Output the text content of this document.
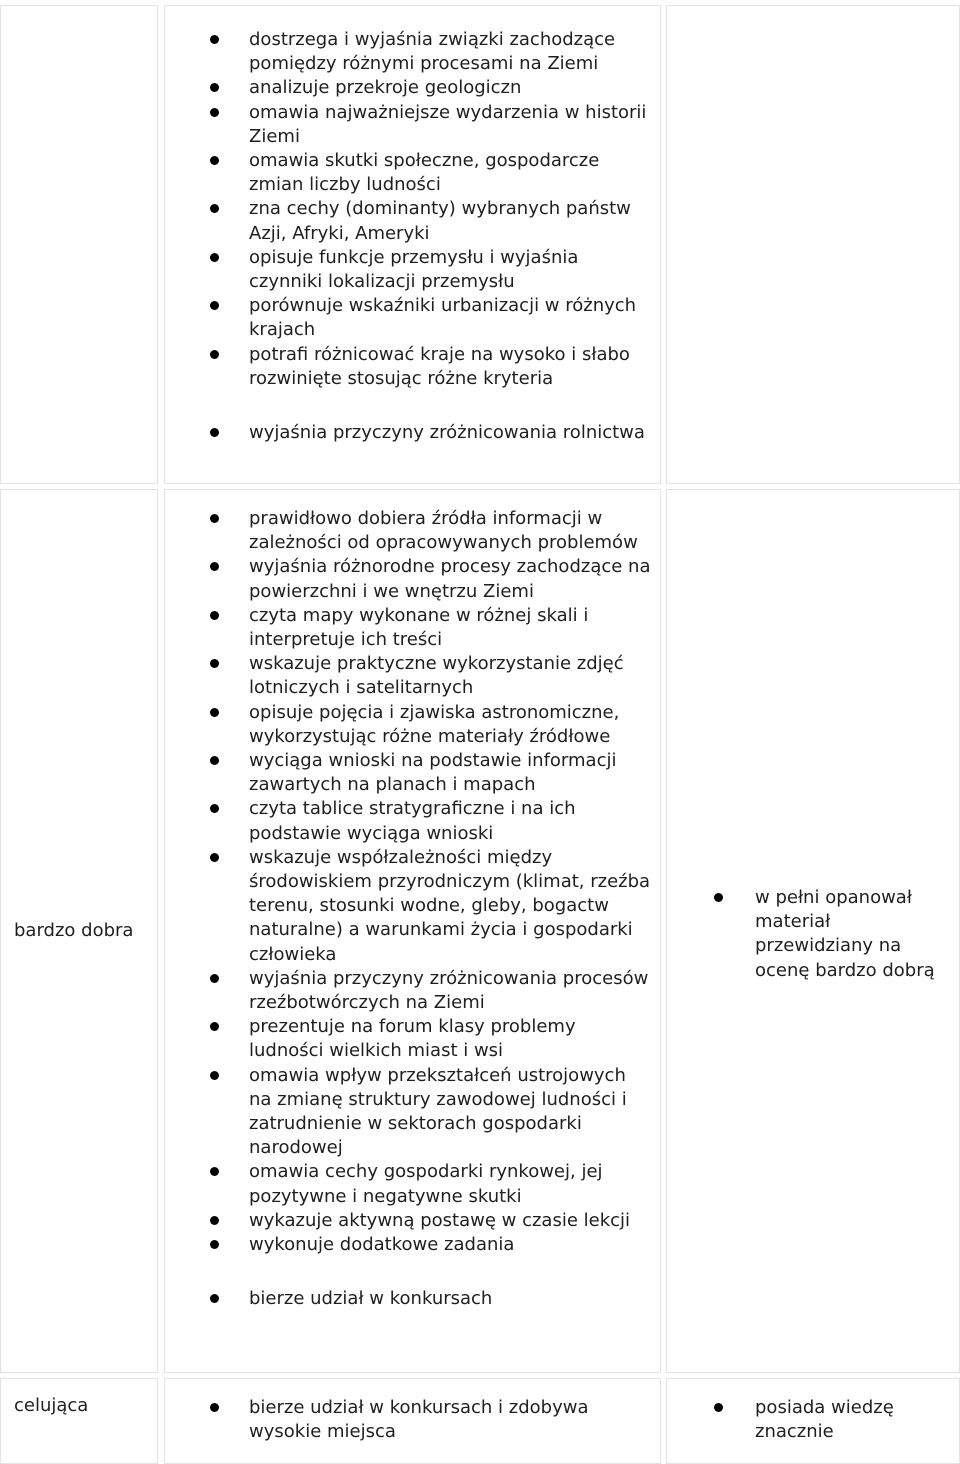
dostrzega i wyjaśnia związki zachodzące pomiędzy różnymi procesami na Ziemi
analizuje przekroje geologiczn
omawia najważniejsze wydarzenia w historii Ziemi
omawia skutki społeczne, gospodarcze zmian liczby ludności
zna cechy (dominanty) wybranych państw Azji, Afryki, Ameryki
opisuje funkcje przemysłu i wyjaśnia czynniki lokalizacji przemysłu
porównuje wskaźniki urbanizacji w różnych krajach
potrafi różnicować kraje na wysoko i słabo rozwinięte stosując różne kryteria
wyjaśnia przyczyny zróżnicowania rolnictwa
bardzo dobra
prawidłowo dobiera źródła informacji w zależności od opracowywanych problemów
wyjaśnia różnorodne procesy zachodzące na powierzchni i we wnętrzu Ziemi
czyta mapy wykonane w różnej skali i interpretuje ich treści
wskazuje praktyczne wykorzystanie zdjęć lotniczych i satelitarnych
opisuje pojęcia i zjawiska astronomiczne, wykorzystując różne materiały źródłowe
wyciąga wnioski na podstawie informacji zawartych na planach i mapach
czyta tablice stratygraficzne i na ich podstawie wyciąga wnioski
wskazuje współzależności między środowiskiem przyrodniczym (klimat, rzeźba terenu, stosunki wodne, gleby, bogactw naturalne) a warunkami życia i gospodarki człowieka
wyjaśnia przyczyny zróżnicowania procesów rzeźbotwórczych na Ziemi
prezentuje na forum klasy problemy ludności wielkich miast i wsi
omawia wpływ przekształceń ustrojowych na zmianę struktury zawodowej ludności i zatrudnienie w sektorach gospodarki narodowej
omawia cechy gospodarki rynkowej, jej pozytywne i negatywne skutki
wykazuje aktywną postawę w czasie lekcji
wykonuje dodatkowe zadania
bierze udział w konkursach
w pełni opanował materiał przewidziany na ocenę bardzo dobrą
celująca	bierze udział w konkursach i zdobywa wysokie miejsca
posiada wiedzę znacznie
